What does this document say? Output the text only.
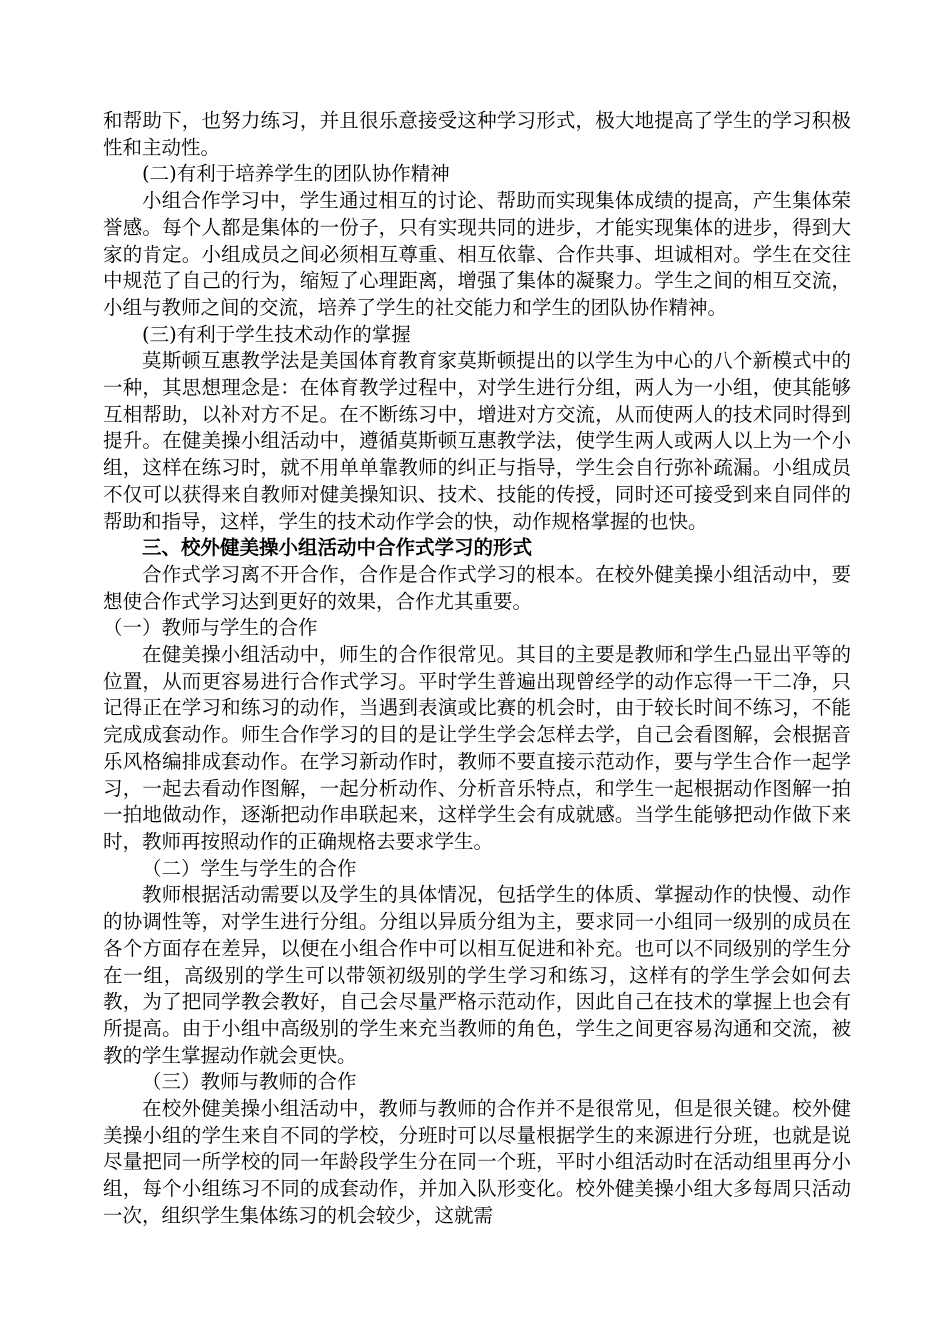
和帮助下，也努力练习，并且很乐意接受这种学习形式，极大地提高了学生的学习积极性和主动性。

(二)有利于培养学生的团队协作精神

小组合作学习中，学生通过相互的讨论、帮助而实现集体成绩的提高，产生集体荣誉感。每个人都是集体的一份子，只有实现共同的进步，才能实现集体的进步，得到大家的肯定。小组成员之间必须相互尊重、相互依靠、合作共事、坦诚相对。学生在交往中规范了自己的行为，缩短了心理距离，增强了集体的凝聚力。学生之间的相互交流，小组与教师之间的交流，培养了学生的社交能力和学生的团队协作精神。

(三)有利于学生技术动作的掌握

莫斯顿互惠教学法是美国体育教育家莫斯顿提出的以学生为中心的八个新模式中的一种，其思想理念是：在体育教学过程中，对学生进行分组，两人为一小组，使其能够互相帮助，以补对方不足。在不断练习中，增进对方交流，从而使两人的技术同时得到提升。在健美操小组活动中，遵循莫斯顿互惠教学法，使学生两人或两人以上为一个小组，这样在练习时，就不用单单靠教师的纠正与指导，学生会自行弥补疏漏。小组成员不仅可以获得来自教师对健美操知识、技术、技能的传授，同时还可接受到来自同伴的帮助和指导，这样，学生的技术动作学会的快，动作规格掌握的也快。

三、校外健美操小组活动中合作式学习的形式

合作式学习离不开合作，合作是合作式学习的根本。在校外健美操小组活动中，要想使合作式学习达到更好的效果，合作尤其重要。

（一）教师与学生的合作

在健美操小组活动中，师生的合作很常见。其目的主要是教师和学生凸显出平等的位置，从而更容易进行合作式学习。平时学生普遍出现曾经学的动作忘得一干二净，只记得正在学习和练习的动作，当遇到表演或比赛的机会时，由于较长时间不练习，不能完成成套动作。师生合作学习的目的是让学生学会怎样去学，自己会看图解，会根据音乐风格编排成套动作。在学习新动作时，教师不要直接示范动作，要与学生合作一起学习，一起去看动作图解，一起分析动作、分析音乐特点，和学生一起根据动作图解一拍一拍地做动作，逐渐把动作串联起来，这样学生会有成就感。当学生能够把动作做下来时，教师再按照动作的正确规格去要求学生。

（二）学生与学生的合作

教师根据活动需要以及学生的具体情况，包括学生的体质、掌握动作的快慢、动作的协调性等，对学生进行分组。分组以异质分组为主，要求同一小组同一级别的成员在各个方面存在差异，以便在小组合作中可以相互促进和补充。也可以不同级别的学生分在一组，高级别的学生可以带领初级别的学生学习和练习，这样有的学生学会如何去教，为了把同学教会教好，自己会尽量严格示范动作，因此自己在技术的掌握上也会有所提高。由于小组中高级别的学生来充当教师的角色，学生之间更容易沟通和交流，被教的学生掌握动作就会更快。

（三）教师与教师的合作

在校外健美操小组活动中，教师与教师的合作并不是很常见，但是很关键。校外健美操小组的学生来自不同的学校，分班时可以尽量根据学生的来源进行分班，也就是说尽量把同一所学校的同一年龄段学生分在同一个班，平时小组活动时在活动组里再分小组，每个小组练习不同的成套动作，并加入队形变化。校外健美操小组大多每周只活动一次，组织学生集体练习的机会较少，这就需
